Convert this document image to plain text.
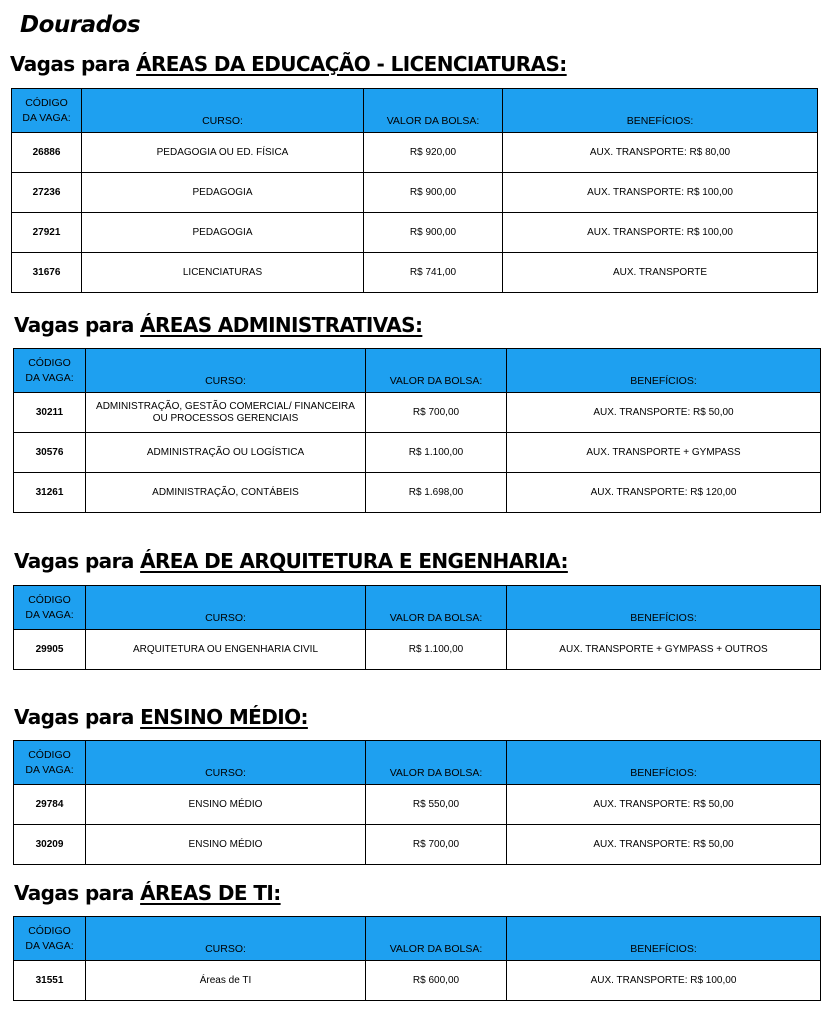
Dourados
Vagas para ÁREAS DA EDUCAÇÃO - LICENCIATURAS:
CÓDIGO
DA VAGA:	CURSO:	VALOR DA BOLSA:	BENEFÍCIOS:
26886	PEDAGOGIA OU ED. FÍSICA	R$ 920,00	AUX. TRANSPORTE: R$ 80,00
27236	PEDAGOGIA	R$ 900,00	AUX. TRANSPORTE: R$ 100,00
27921	PEDAGOGIA	R$ 900,00	AUX. TRANSPORTE: R$ 100,00
31676	LICENCIATURAS	R$ 741,00	AUX. TRANSPORTE
Vagas para ÁREAS ADMINISTRATIVAS:
CÓDIGO
DA VAGA:	CURSO:	VALOR DA BOLSA:	BENEFÍCIOS:
30211	ADMINISTRAÇÃO, GESTÃO COMERCIAL/ FINANCEIRA OU PROCESSOS GERENCIAIS	R$ 700,00	AUX. TRANSPORTE: R$ 50,00
30576	ADMINISTRAÇÃO OU LOGÍSTICA	R$ 1.100,00	AUX. TRANSPORTE + GYMPASS
31261	ADMINISTRAÇÃO, CONTÁBEIS	R$ 1.698,00	AUX. TRANSPORTE: R$ 120,00
Vagas para ÁREA DE ARQUITETURA E ENGENHARIA:
CÓDIGO
DA VAGA:	CURSO:	VALOR DA BOLSA:	BENEFÍCIOS:
29905	ARQUITETURA OU ENGENHARIA CIVIL	R$ 1.100,00	AUX. TRANSPORTE + GYMPASS + OUTROS
Vagas para ENSINO MÉDIO:
CÓDIGO
DA VAGA:	CURSO:	VALOR DA BOLSA:	BENEFÍCIOS:
29784	ENSINO MÉDIO	R$ 550,00	AUX. TRANSPORTE: R$ 50,00
30209	ENSINO MÉDIO	R$ 700,00	AUX. TRANSPORTE: R$ 50,00
Vagas para ÁREAS DE TI:
CÓDIGO
DA VAGA:	CURSO:	VALOR DA BOLSA:	BENEFÍCIOS:
31551	Áreas de TI	R$ 600,00	AUX. TRANSPORTE: R$ 100,00
